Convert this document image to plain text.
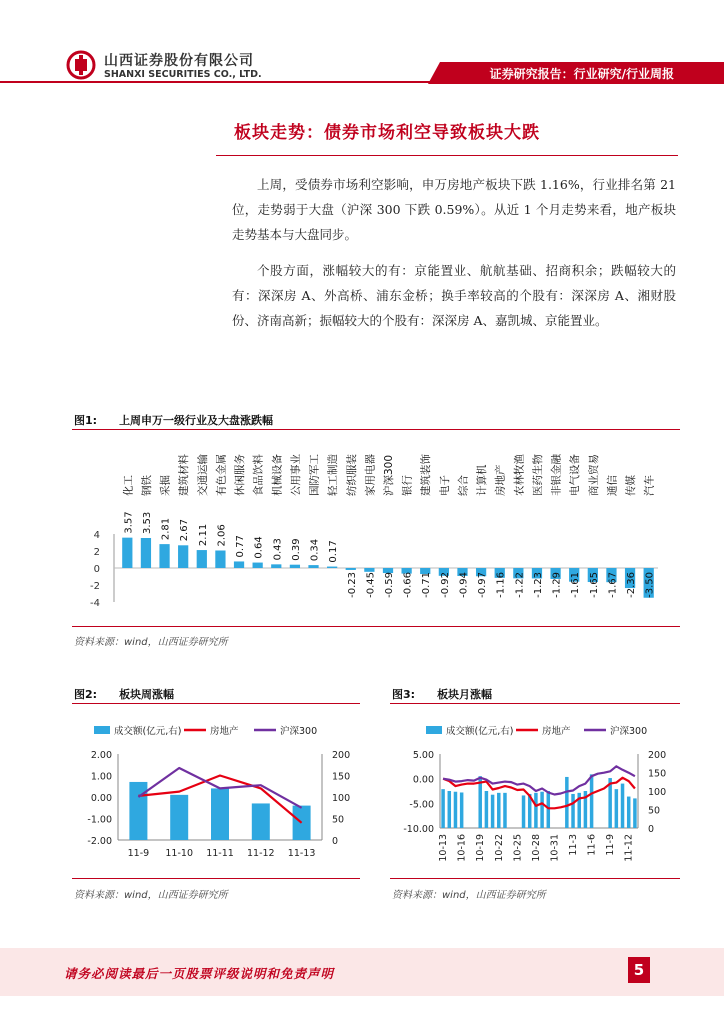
山西证券股份有限公司
SHANXI SECURITIES CO., LTD.	证券研究报告：行业研究/行业周报
板块走势：债券市场利空导致板块大跌

上周，受债券市场利空影响，申万房地产板块下跌 1.16%，行业排名第 21 位，走势弱于大盘（沪深 300 下跌 0.59%）。从近 1 个月走势来看，地产板块走势基本与大盘同步。

个股方面，涨幅较大的有：京能置业、航航基础、招商积余；跌幅较大的有：深深房 A、外高桥、浦东金桥；换手率较高的个股有：深深房 A、湘财股份、济南高新；振幅较大的个股有：深深房 A、嘉凯城、京能置业。

图1: 上周申万一级行业及大盘涨跌幅
-4
-2
0
2
4
3.57
化工
3.53
钢铁
2.81
采掘
2.67
建筑材料
2.11
交通运输
2.06
有色金属
0.77
休闲服务
0.64
食品饮料
0.43
机械设备
0.39
公用事业
0.34
国防军工
0.17
轻工制造
-0.23
纺织服装
-0.45
家用电器
-0.59
沪深300
-0.66
银行
-0.71
建筑装饰
-0.92
电子
-0.94
综合
-0.97
计算机
-1.16
房地产
-1.22
农林牧渔
-1.23
医药生物
-1.29
非银金融
-1.61
电气设备
-1.65
商业贸易
-1.67
通信
-2.36
传媒
-3.50
汽车
资料来源：wind，山西证券研究所
图2: 板块周涨幅
成交额(亿元,右)	房地产	沪深300
2.00
1.00
0.00
-1.00
-2.00
200
150
100
50
0
11-9 11-10 11-11 11-12 11-13
资料来源：wind，山西证券研究所
图3: 板块月涨幅
成交额(亿元,右)	房地产	沪深300
5.00
0.00
-5.00
-10.00
200
150
100
50
0
10-13 10-16 10-19 10-22 10-25 10-28 10-31 11-3 11-6 11-9 11-12
资料来源：wind，山西证券研究所
请务必阅读最后一页股票评级说明和免责声明	5
